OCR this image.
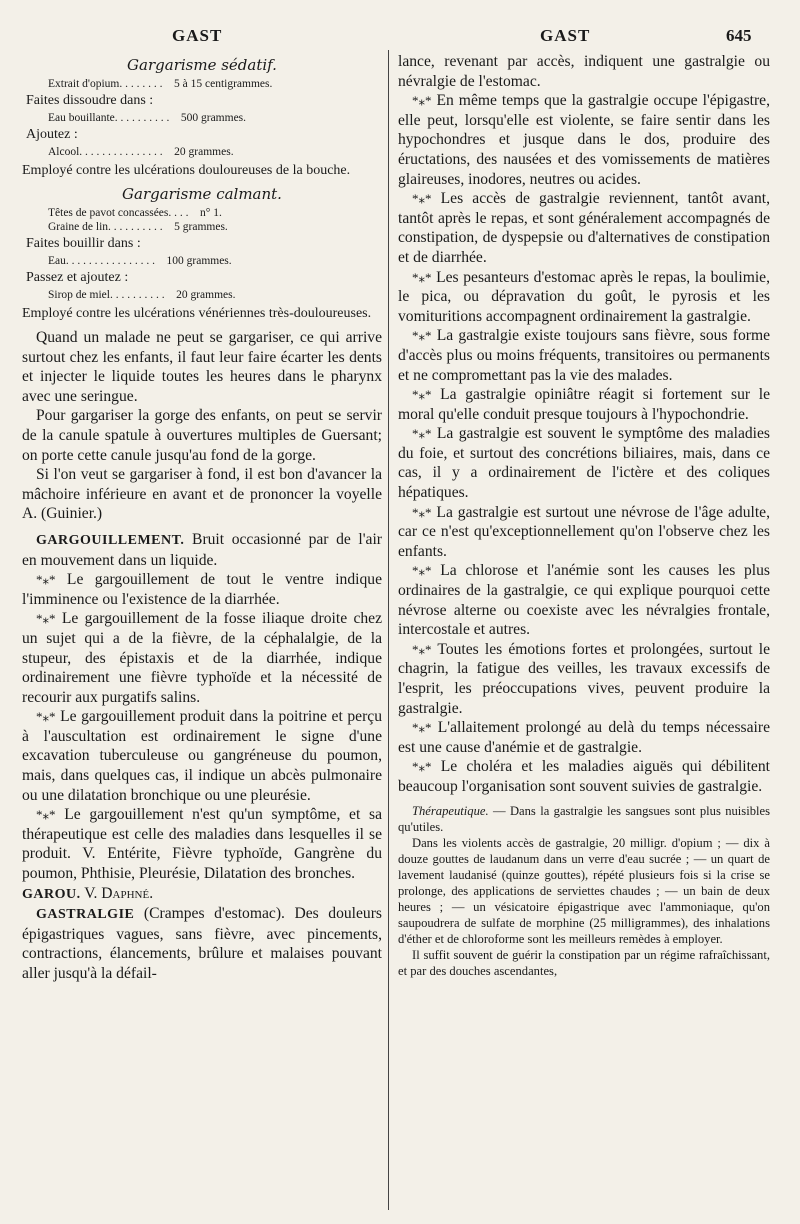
GAST	GAST	645
Gargarisme sédatif.
Extrait d'opium. . . . . . . .    5 à 15 centigrammes.
Faites dissoudre dans :
Eau bouillante. . . . . . . . . .    500 grammes.
Ajoutez :
Alcool. . . . . . . . . . . . . . .    20 grammes.
Employé contre les ulcérations douloureuses de la bouche.
Gargarisme calmant.
Têtes de pavot concassées. . . .    n° 1.
Graine de lin. . . . . . . . . .    5 grammes.
Faites bouillir dans :
Eau. . . . . . . . . . . . . . . .    100 grammes.
Passez et ajoutez :
Sirop de miel. . . . . . . . . .    20 grammes.
Employé contre les ulcérations vénériennes très-douloureuses.

Quand un malade ne peut se gargariser, ce qui arrive surtout chez les enfants, il faut leur faire écarter les dents et injecter le liquide toutes les heures dans le pharynx avec une seringue.

Pour gargariser la gorge des enfants, on peut se servir de la canule spatule à ouvertures multiples de Guersant; on porte cette canule jusqu'au fond de la gorge.

Si l'on veut se gargariser à fond, il est bon d'avancer la mâchoire inférieure en avant et de prononcer la voyelle A. (Guinier.)

GARGOUILLEMENT. Bruit occasionné par de l'air en mouvement dans un liquide.

*⁎* Le gargouillement de tout le ventre indique l'imminence ou l'existence de la diarrhée.

*⁎* Le gargouillement de la fosse iliaque droite chez un sujet qui a de la fièvre, de la céphalalgie, de la stupeur, des épistaxis et de la diarrhée, indique ordinairement une fièvre typhoïde et la nécessité de recourir aux purgatifs salins.

*⁎* Le gargouillement produit dans la poitrine et perçu à l'auscultation est ordinairement le signe d'une excavation tuberculeuse ou gangréneuse du poumon, mais, dans quelques cas, il indique un abcès pulmonaire ou une dilatation bronchique ou une pleurésie.

*⁎* Le gargouillement n'est qu'un symptôme, et sa thérapeutique est celle des maladies dans lesquelles il se produit. V. Entérite, Fièvre typhoïde, Gangrène du poumon, Phthisie, Pleurésie, Dilatation des bronches.

GAROU. V. Daphné.

GASTRALGIE (Crampes d'estomac). Des douleurs épigastriques vagues, sans fièvre, avec pincements, contractions, élancements, brûlure et malaises pouvant aller jusqu'à la défail-

lance, revenant par accès, indiquent une gastralgie ou névralgie de l'estomac.

*⁎* En même temps que la gastralgie occupe l'épigastre, elle peut, lorsqu'elle est violente, se faire sentir dans les hypochondres et jusque dans le dos, produire des éructations, des nausées et des vomissements de matières glaireuses, inodores, neutres ou acides.

*⁎* Les accès de gastralgie reviennent, tantôt avant, tantôt après le repas, et sont généralement accompagnés de constipation, de dyspepsie ou d'alternatives de constipation et de diarrhée.

*⁎* Les pesanteurs d'estomac après le repas, la boulimie, le pica, ou dépravation du goût, le pyrosis et les vomituritions accompagnent ordinairement la gastralgie.

*⁎* La gastralgie existe toujours sans fièvre, sous forme d'accès plus ou moins fréquents, transitoires ou permanents et ne compromettant pas la vie des malades.

*⁎* La gastralgie opiniâtre réagit si fortement sur le moral qu'elle conduit presque toujours à l'hypochondrie.

*⁎* La gastralgie est souvent le symptôme des maladies du foie, et surtout des concrétions biliaires, mais, dans ce cas, il y a ordinairement de l'ictère et des coliques hépatiques.

*⁎* La gastralgie est surtout une névrose de l'âge adulte, car ce n'est qu'exceptionnellement qu'on l'observe chez les enfants.

*⁎* La chlorose et l'anémie sont les causes les plus ordinaires de la gastralgie, ce qui explique pourquoi cette névrose alterne ou coexiste avec les névralgies frontale, intercostale et autres.

*⁎* Toutes les émotions fortes et prolongées, surtout le chagrin, la fatigue des veilles, les travaux excessifs de l'esprit, les préoccupations vives, peuvent produire la gastralgie.

*⁎* L'allaitement prolongé au delà du temps nécessaire est une cause d'anémie et de gastralgie.

*⁎* Le choléra et les maladies aiguës qui débilitent beaucoup l'organisation sont souvent suivies de gastralgie.

Thérapeutique. — Dans la gastralgie les sangsues sont plus nuisibles qu'utiles.

Dans les violents accès de gastralgie, 20 milligr. d'opium ; — dix à douze gouttes de laudanum dans un verre d'eau sucrée ; — un quart de lavement laudanisé (quinze gouttes), répété plusieurs fois si la crise se prolonge, des applications de serviettes chaudes ; — un bain de deux heures ; — un vésicatoire épigastrique avec l'ammoniaque, qu'on saupoudrera de sulfate de morphine (25 milligrammes), des inhalations d'éther et de chloroforme sont les meilleurs remèdes à employer.

Il suffit souvent de guérir la constipation par un régime rafraîchissant, et par des douches ascendantes,
